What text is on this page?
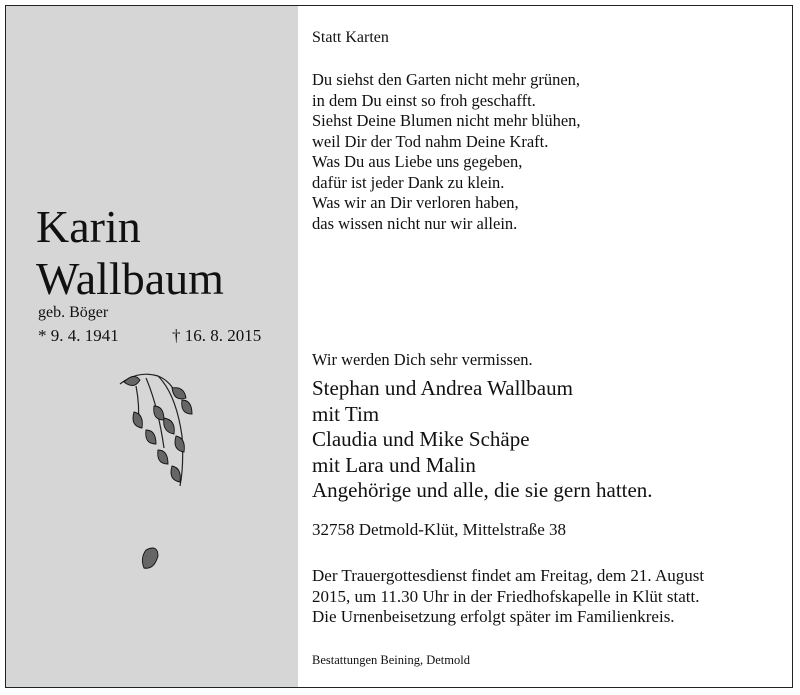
Karin
Wallbaum
geb. Böger
* 9. 4. 1941	† 16. 8. 2015
Statt Karten
Du siehst den Garten nicht mehr grünen,
in dem Du einst so froh geschafft.
Siehst Deine Blumen nicht mehr blühen,
weil Dir der Tod nahm Deine Kraft.
Was Du aus Liebe uns gegeben,
dafür ist jeder Dank zu klein.
Was wir an Dir verloren haben,
das wissen nicht nur wir allein.
Wir werden Dich sehr vermissen.
Stephan und Andrea Wallbaum
mit Tim
Claudia und Mike Schäpe
mit Lara und Malin
Angehörige und alle, die sie gern hatten.
32758 Detmold-Klüt, Mittelstraße 38
Der Trauergottesdienst findet am Freitag, dem 21. August
2015, um 11.30 Uhr in der Friedhofskapelle in Klüt statt.
Die Urnenbeisetzung erfolgt später im Familienkreis.
Bestattungen Beining, Detmold
